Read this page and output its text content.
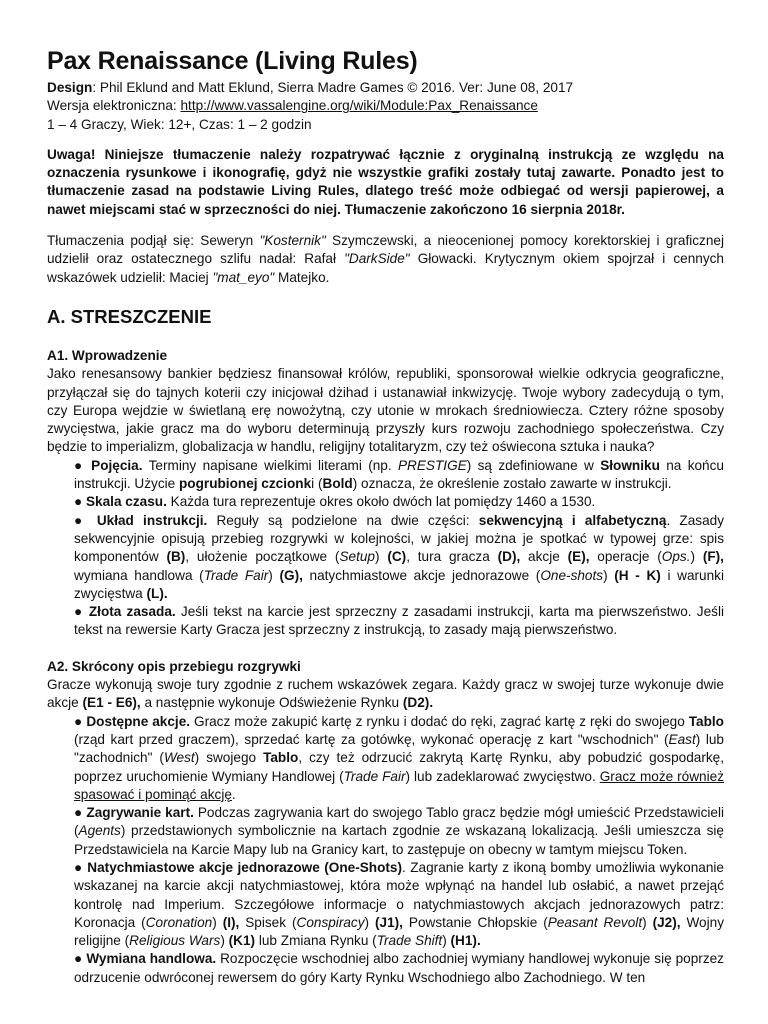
Pax Renaissance (Living Rules)

Design: Phil Eklund and Matt Eklund, Sierra Madre Games © 2016. Ver: June 08, 2017

Wersja elektroniczna: http://www.vassalengine.org/wiki/Module:Pax_Renaissance

1 – 4 Graczy, Wiek: 12+, Czas: 1 – 2 godzin

Uwaga! Niniejsze tłumaczenie należy rozpatrywać łącznie z oryginalną instrukcją ze względu na oznaczenia rysunkowe i ikonografię, gdyż nie wszystkie grafiki zostały tutaj zawarte. Ponadto jest to tłumaczenie zasad na podstawie Living Rules, dlatego treść może odbiegać od wersji papierowej, a nawet miejscami stać w sprzeczności do niej. Tłumaczenie zakończono 16 sierpnia 2018r.

Tłumaczenia podjął się: Seweryn "Kosternik" Szymczewski, a nieocenionej pomocy korektorskiej i graficznej udzielił oraz ostatecznego szlifu nadał: Rafał "DarkSide" Głowacki. Krytycznym okiem spojrzał i cennych wskazówek udzielił: Maciej "mat_eyo" Matejko.

A. STRESZCZENIE
A1. Wprowadzenie

Jako renesansowy bankier będziesz finansował królów, republiki, sponsorował wielkie odkrycia geograficzne, przyłączał się do tajnych koterii czy inicjował dżihad i ustanawiał inkwizycję. Twoje wybory zadecydują o tym, czy Europa wejdzie w świetlaną erę nowożytną, czy utonie w mrokach średniowiecza. Cztery różne sposoby zwycięstwa, jakie gracz ma do wyboru determinują przyszły kurs rozwoju zachodniego społeczeństwa. Czy będzie to imperializm, globalizacja w handlu, religijny totalitaryzm, czy też oświecona sztuka i nauka?

● Pojęcia. Terminy napisane wielkimi literami (np. PRESTIGE) są zdefiniowane w Słowniku na końcu instrukcji. Użycie pogrubionej czcionki (Bold) oznacza, że określenie zostało zawarte w instrukcji.

● Skala czasu. Każda tura reprezentuje okres około dwóch lat pomiędzy 1460 a 1530.

● Układ instrukcji. Reguły są podzielone na dwie części: sekwencyjną i alfabetyczną. Zasady sekwencyjnie opisują przebieg rozgrywki w kolejności, w jakiej można je spotkać w typowej grze: spis komponentów (B), ułożenie początkowe (Setup) (C), tura gracza (D), akcje (E), operacje (Ops.) (F), wymiana handlowa (Trade Fair) (G), natychmiastowe akcje jednorazowe (One-shots) (H - K) i warunki zwycięstwa (L).

● Złota zasada. Jeśli tekst na karcie jest sprzeczny z zasadami instrukcji, karta ma pierwszeństwo. Jeśli tekst na rewersie Karty Gracza jest sprzeczny z instrukcją, to zasady mają pierwszeństwo.

A2. Skrócony opis przebiegu rozgrywki

Gracze wykonują swoje tury zgodnie z ruchem wskazówek zegara. Każdy gracz w swojej turze wykonuje dwie akcje (E1 - E6), a następnie wykonuje Odświeżenie Rynku (D2).

● Dostępne akcje. Gracz może zakupić kartę z rynku i dodać do ręki, zagrać kartę z ręki do swojego Tablo (rząd kart przed graczem), sprzedać kartę za gotówkę, wykonać operację z kart "wschodnich" (East) lub "zachodnich" (West) swojego Tablo, czy też odrzucić zakrytą Kartę Rynku, aby pobudzić gospodarkę, poprzez uruchomienie Wymiany Handlowej (Trade Fair) lub zadeklarować zwycięstwo. Gracz może również spasować i pominąć akcję.

● Zagrywanie kart. Podczas zagrywania kart do swojego Tablo gracz będzie mógł umieścić Przedstawicieli (Agents) przedstawionych symbolicznie na kartach zgodnie ze wskazaną lokalizacją. Jeśli umieszcza się Przedstawiciela na Karcie Mapy lub na Granicy kart, to zastępuje on obecny w tamtym miejscu Token.

● Natychmiastowe akcje jednorazowe (One-Shots). Zagranie karty z ikoną bomby umożliwia wykonanie wskazanej na karcie akcji natychmiastowej, która może wpłynąć na handel lub osłabić, a nawet przejąć kontrolę nad Imperium. Szczegółowe informacje o natychmiastowych akcjach jednorazowych patrz: Koronacja (Coronation) (I), Spisek (Conspiracy) (J1), Powstanie Chłopskie (Peasant Revolt) (J2), Wojny religijne (Religious Wars) (K1) lub Zmiana Rynku (Trade Shift) (H1).

● Wymiana handlowa. Rozpoczęcie wschodniej albo zachodniej wymiany handlowej wykonuje się poprzez odrzucenie odwróconej rewersem do góry Karty Rynku Wschodniego albo Zachodniego. W ten
